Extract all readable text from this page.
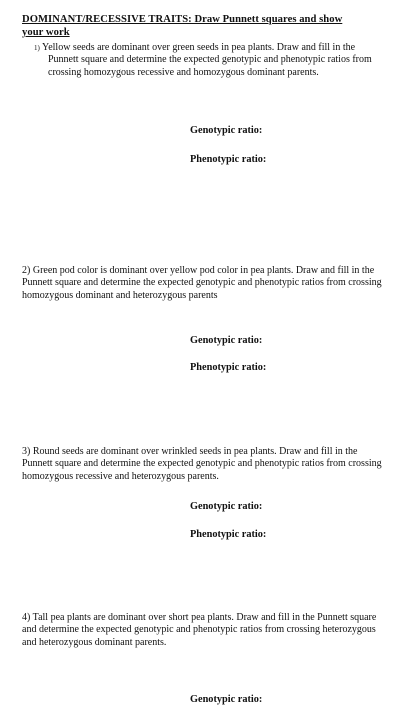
DOMINANT/RECESSIVE TRAITS: Draw Punnett squares and show
your work
1) Yellow seeds are dominant over green seeds in pea plants. Draw and fill in the Punnett square and determine the expected genotypic and phenotypic ratios from crossing homozygous recessive and homozygous dominant parents.
Genotypic ratio:
Phenotypic ratio:
2) Green pod color is dominant over yellow pod color in pea plants. Draw and fill in the Punnett square and determine the expected genotypic and phenotypic ratios from crossing homozygous dominant and heterozygous parents
Genotypic ratio:
Phenotypic ratio:
3) Round seeds are dominant over wrinkled seeds in pea plants. Draw and fill in the Punnett square and determine the expected genotypic and phenotypic ratios from crossing homozygous recessive and heterozygous parents.
Genotypic ratio:
Phenotypic ratio:
4) Tall pea plants are dominant over short pea plants. Draw and fill in the Punnett square and determine the expected genotypic and phenotypic ratios from crossing heterozygous and heterozygous dominant parents.
Genotypic ratio:
